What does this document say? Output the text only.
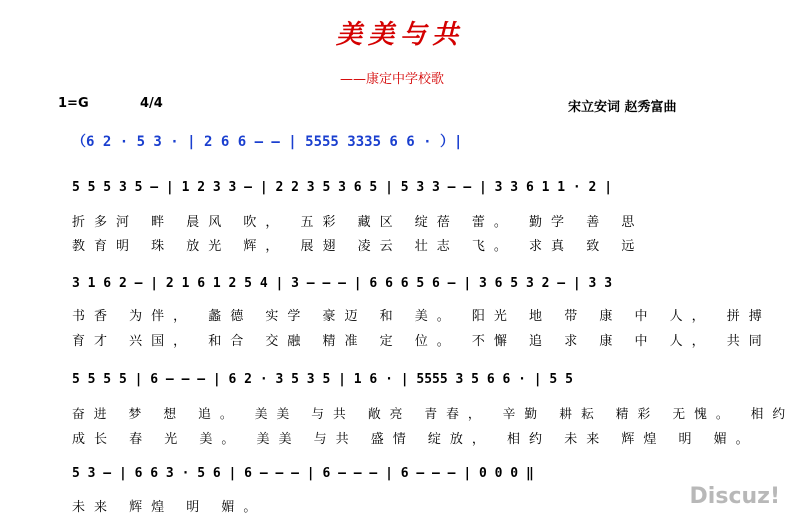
美美与共
——康定中学校歌
1=G	4/4	宋立安词 赵秀富曲
（6 2 · 5 3 · | 2 6 6 — — | 5555 3335 6 6 · ）|
5 5 5 3 5 — | 1 2 3 3 — | 2 2 3 5 3 6 5 | 5 3 3 — — | 3 3 6 1 1 · 2 |
折多河 畔 晨风 吹， 五彩 藏区 绽蓓 蕾。 勤学 善 思
教育明 珠 放光 辉， 展翅 凌云 壮志 飞。 求真 致 远
3 1 6 2 — | 2 1 6 1 2 5 4 | 3 — — — | 6 6 6 5 6 — | 3 6 5 3 2 — | 3 3
书香 为伴， 蠡德 实学 豪迈 和 美。 阳光 地 带 康 中 人， 拼搏
育才 兴国， 和合 交融 精准 定 位。 不懈 追 求 康 中 人， 共同
5 5 5 5 | 6 — — — | 6 2 · 3 5 3 5 | 1 6 · | 5555 3 5 6 6 · | 5 5
奋进 梦 想 追。 美美 与共 敞亮 青春， 辛勤 耕耘 精彩 无愧。 相约
成长 春 光 美。 美美 与共 盛情 绽放， 相约 未来 辉煌 明 媚。
5 3 — | 6 6 3 · 5 6 | 6 — — — | 6 — — — | 6 — — — | 0 0 0 ‖
未来 辉煌 明 媚。	Discuz!
